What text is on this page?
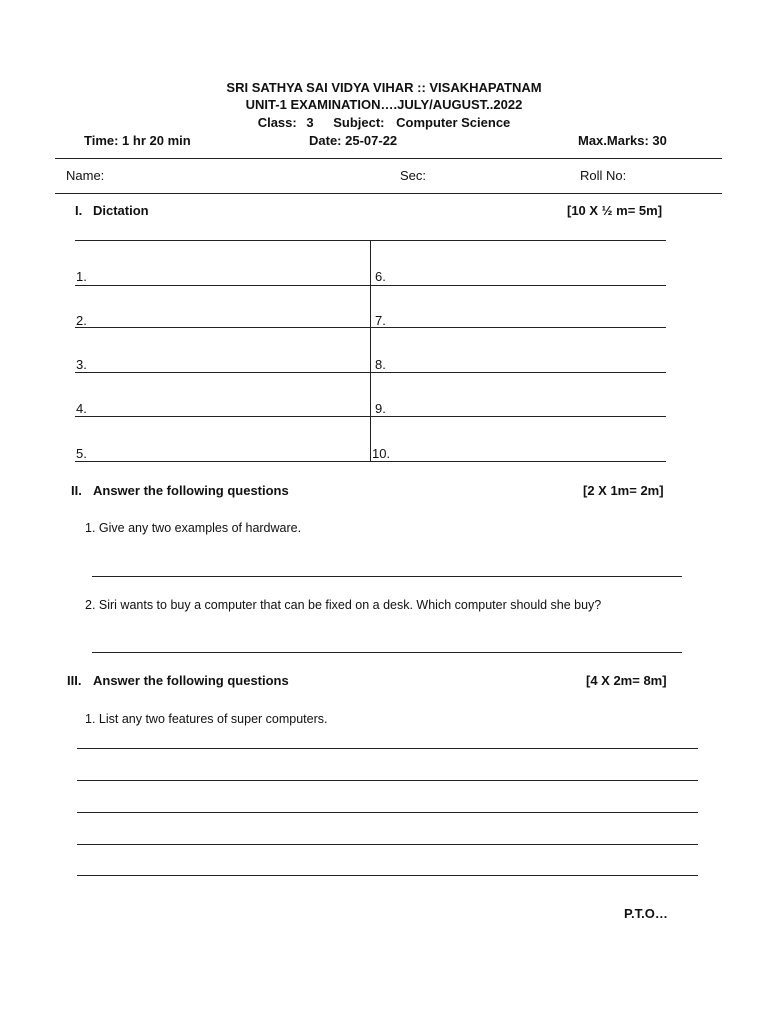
SRI SATHYA SAI VIDYA VIHAR :: VISAKHAPATNAM
UNIT-1 EXAMINATION….JULY/AUGUST..2022
Class: 3 Subject: Computer Science
Time: 1 hr 20 min	Date: 25-07-22	Max.Marks: 30
Name:	Sec:	Roll No:
I. Dictation	[10 X ½ m= 5m]
1.	6.
2.	7.
3.	8.
4.	9.
5.	10.
II. Answer the following questions	[2 X 1m= 2m]
1. Give any two examples of hardware.
2. Siri wants to buy a computer that can be fixed on a desk. Which computer should she buy?
III. Answer the following questions	[4 X 2m= 8m]
1. List any two features of super computers.
P.T.O…
